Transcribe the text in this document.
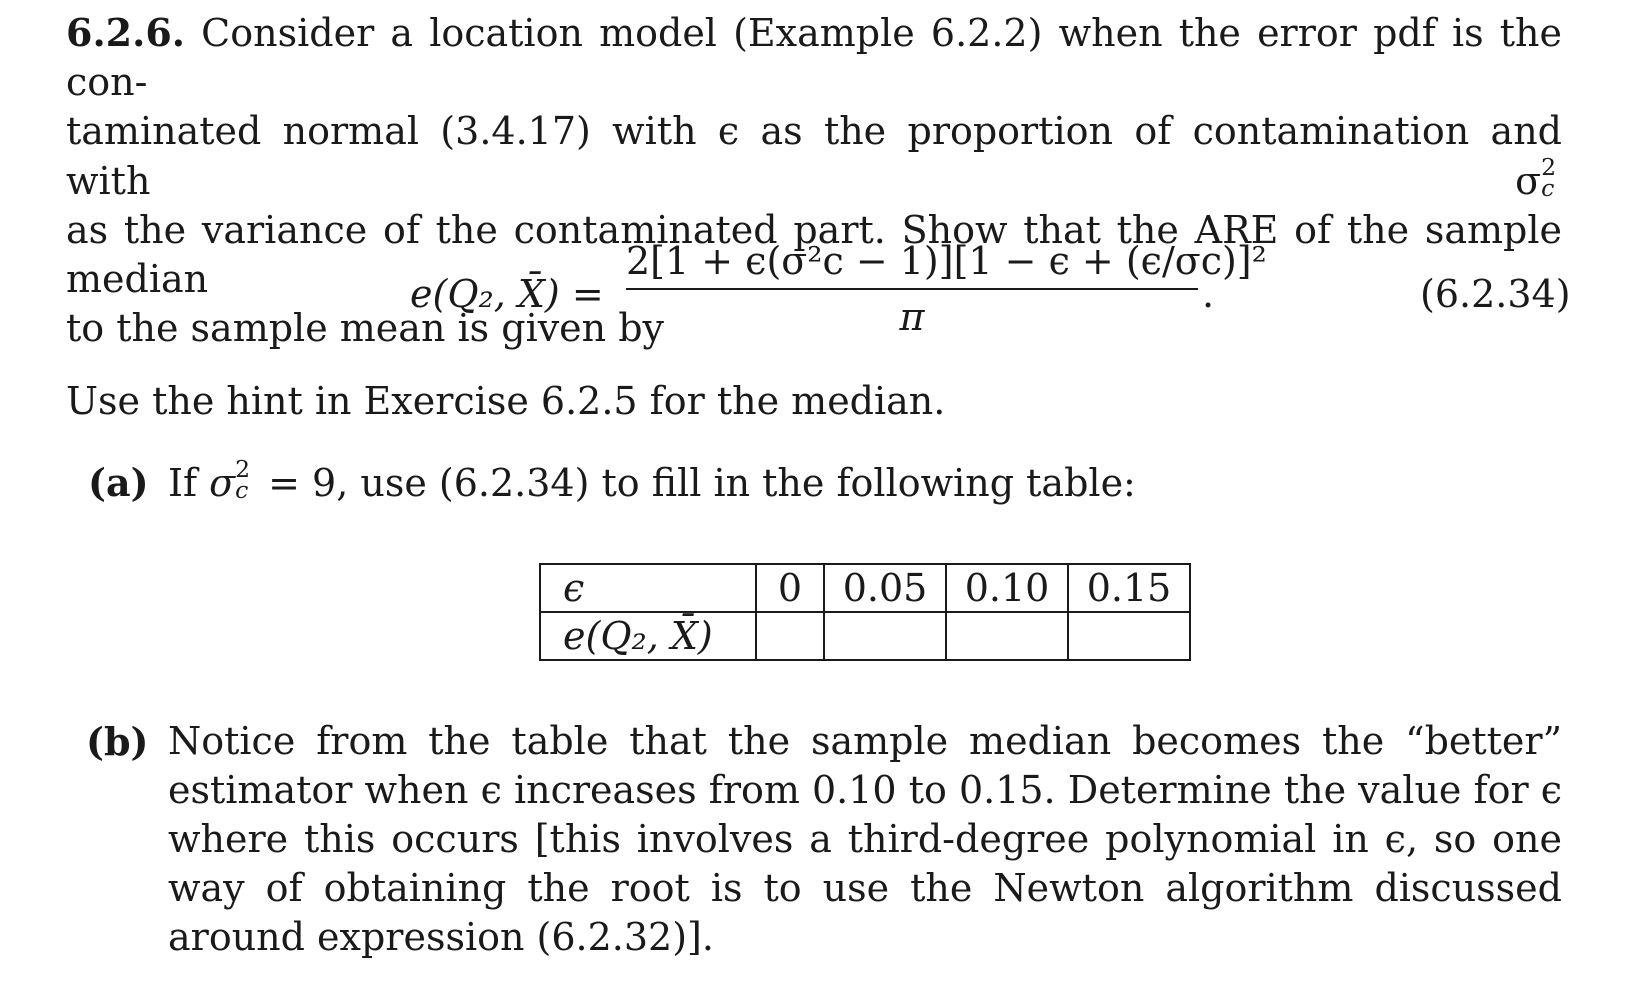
6.2.6. Consider a location model (Example 6.2.2) when the error pdf is the con-
taminated normal (3.4.17) with ϵ as the proportion of contamination and with σ 2
c
as the variance of the contaminated part. Show that the ARE of the sample median
to the sample mean is given by
e(Q₂, X̄) =
2[1 + ϵ(σ²c − 1)][1 − ϵ + (ϵ/σc)]²
π
.	(6.2.34)
Use the hint in Exercise 6.2.5 for the median.
(a) If σ 2
c = 9, use (6.2.34) to fill in the following table:
ϵ	0	0.05	0.10	0.15
e(Q₂, X̄)				
(b) Notice from the table that the sample median becomes the “better” estimator when ϵ increases from 0.10 to 0.15. Determine the value for ϵ where this occurs [this involves a third-degree polynomial in ϵ, so one way of obtaining the root is to use the Newton algorithm discussed around expression (6.2.32)].
